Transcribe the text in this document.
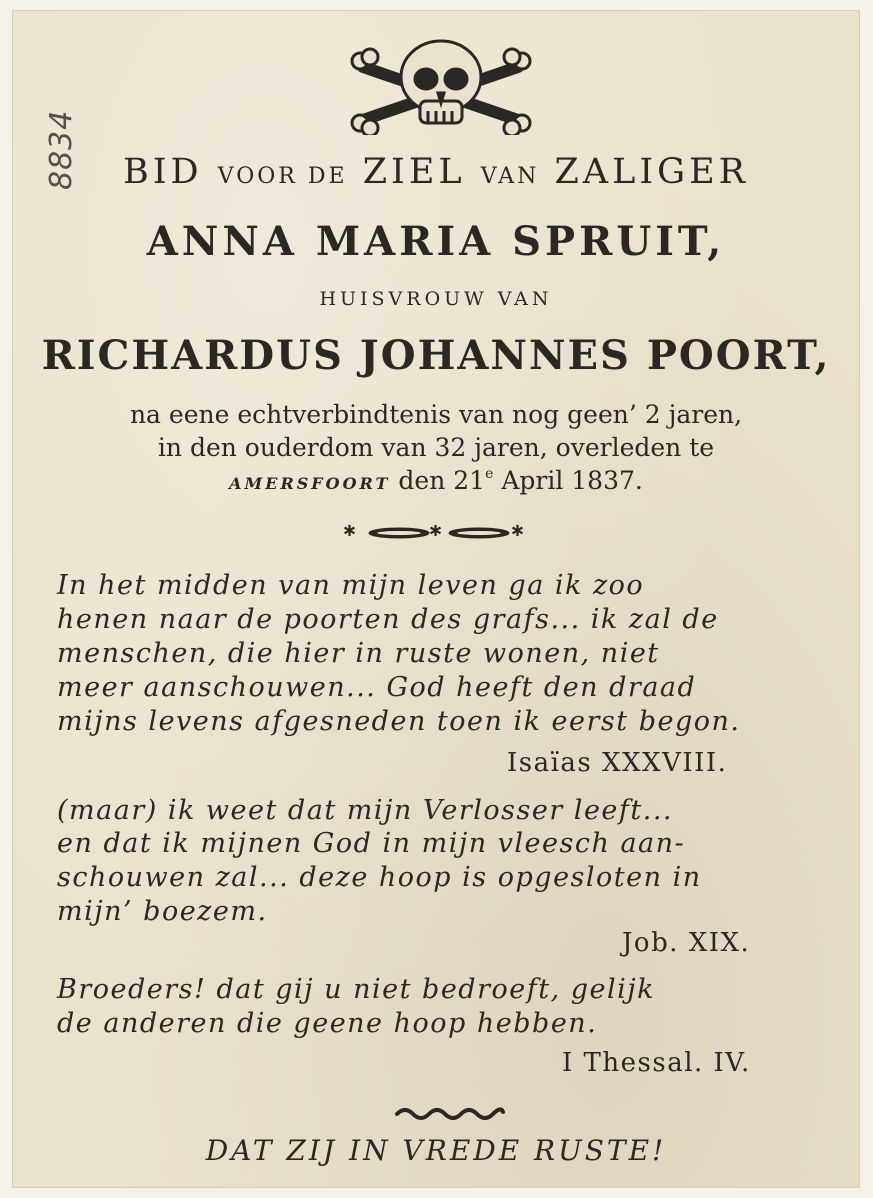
8834	BID VOOR DE ZIEL VAN ZALIGER
ANNA MARIA SPRUIT,
HUISVROUW VAN
RICHARDUS JOHANNES POORT,
na eene echtverbindtenis van nog geen’ 2 jaren,
in den ouderdom van 32 jaren, overleden te
AMERSFOORT den 21e April 1837.
*	*	*
In het midden van mijn leven ga ik zoo
henen naar de poorten des grafs... ik zal de
menschen, die hier in ruste wonen, niet
meer aanschouwen... God heeft den draad
mijns levens afgesneden toen ik eerst begon.
Isaïas XXXVIII.
(maar) ik weet dat mijn Verlosser leeft...
en dat ik mijnen God in mijn vleesch aan-
schouwen zal... deze hoop is opgesloten in
mijn’ boezem.
Job. XIX.
Broeders! dat gij u niet bedroeft, gelijk
de anderen die geene hoop hebben.
I Thessal. IV.
DAT ZIJ IN VREDE RUSTE!
